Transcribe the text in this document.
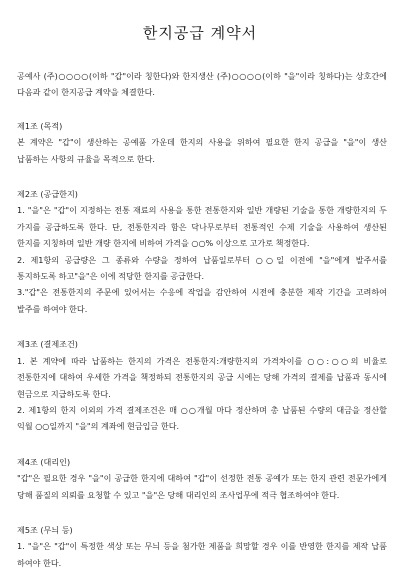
한지공급 계약서

공예사 (주)○○○○(이하 "갑"이라 칭한다)와 한지생산 (주)○○○○(이하 "을"이라 칭하다)는 상호간에 다음과 같이 한지공급 계약을 체결한다.

제1조 (목적)

본 계약은 "갑"이 생산하는 공예품 가운데 한지의 사용을 위하여 필요한 한지 공급을 "을"이 생산 납품하는 사항의 규율을 목적으로 한다.

제2조 (공급한지)

1. "을"은 "갑"이 지정하는 전통 재료의 사용을 통한 전통한지와 일반 개량된 기술을 통한 개량한지의 두 가지를 공급하도록 한다. 단, 전통한지라 함은 닥나무로부터 전통적인 수제 기술을 사용하여 생산된 한지를 지칭하며 일반 개량 한지에 비하여 가격을 ○○% 이상으로 고가로 책정한다.

2. 제1항의 공급량은 그 종류와 수량을 정하여 납품일로부터 ○○일 이전에 "을"에게 발주서를 통지하도록 하고"을"은 이에 적당한 한지를 공급한다.

3."갑"은 전통한지의 주문에 있어서는 수응에 작업을 감안하여 시전에 충분한 제작 기간을 고려하여 발주를 하여야 한다.

제3조 (결제조건)

1. 본 계약에 따라 납품하는 한지의 가격은 전통한지:개량한지의 가격차이를 ○○:○○의 비율로 전통한지에 대하여 우세한 가격을 책정하되 전통한지의 공급 시에는 당해 가격의 결제를 납품과 동시에 현금으로 지급하도록 한다.

2. 제1항의 한지 이외의 가격 결제조건은 매 ○○개월 마다 정산하며 총 납품된 수량의 대금을 정산할 익월 ○○일까지 "을"의 계좌에 현금입금 한다.

제4조 (대리인)

"갑"은 필요한 경우 "을"이 공급한 한지에 대하여 "갑"이 선정한 전통 공예가 또는 한지 관련 전문가에게 당해 품질의 의뢰를 요청할 수 있고 "을"은 당해 대리인의 조사업무에 적극 협조하여야 한다.

제5조 (무늬 등)

1. "을"은 "갑"이 특정한 색상 또는 무늬 등을 첨가한 제품을 희망할 경우 이를 반영한 한지를 제작 납품 하여야 한다.
